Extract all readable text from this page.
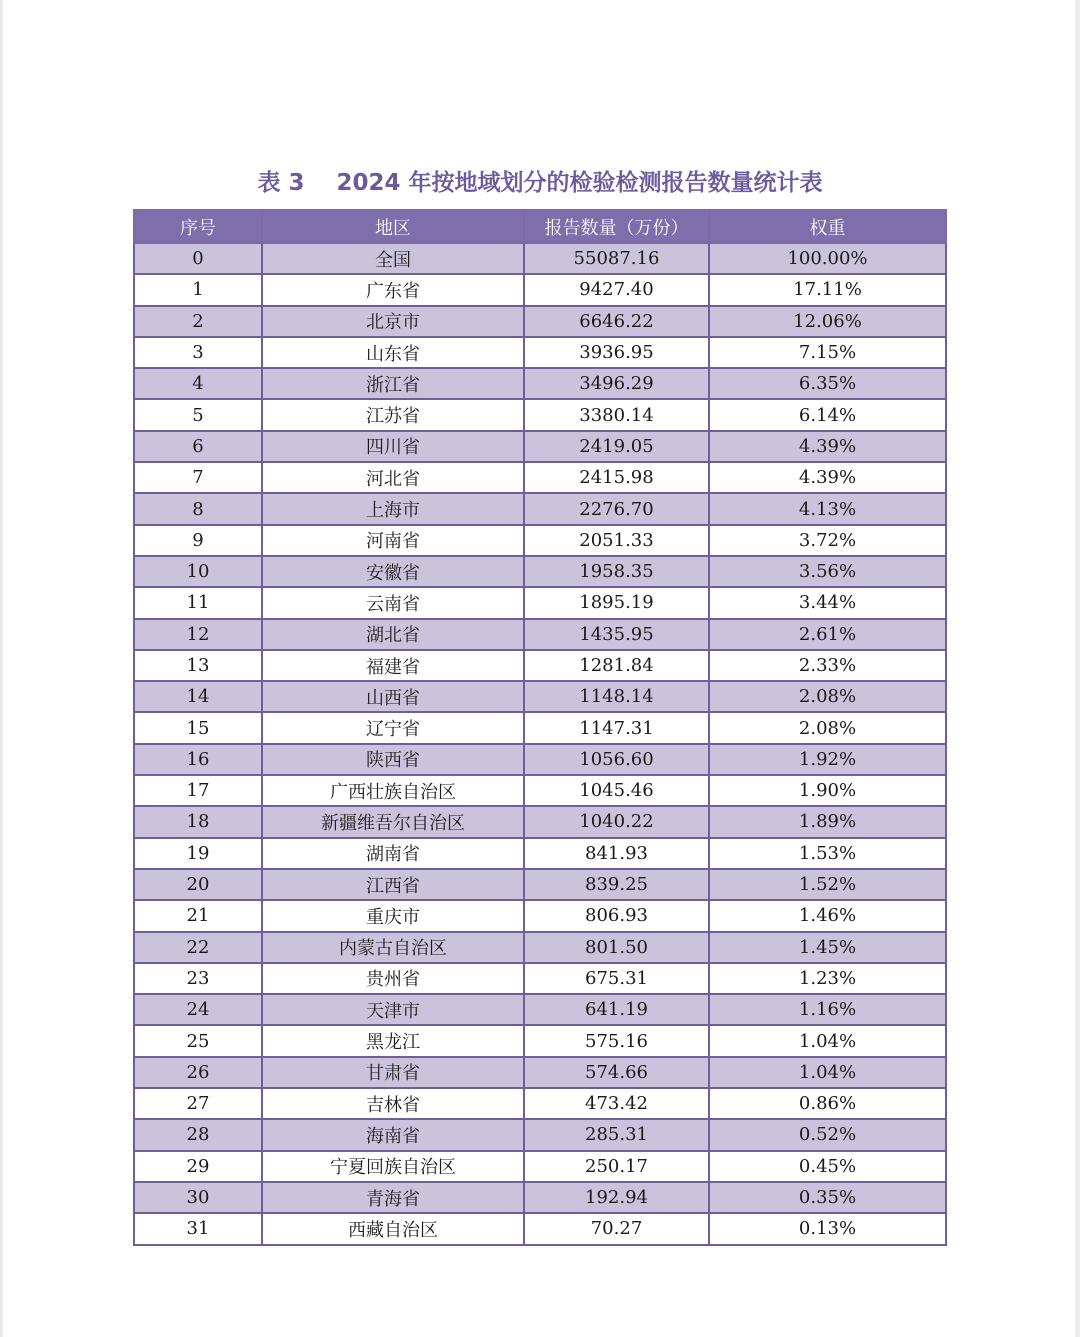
表 3 2024 年按地域划分的检验检测报告数量统计表
序号	地区	报告数量（万份）	权重
0	全国	55087.16	100.00%
1	广东省	9427.40	17.11%
2	北京市	6646.22	12.06%
3	山东省	3936.95	7.15%
4	浙江省	3496.29	6.35%
5	江苏省	3380.14	6.14%
6	四川省	2419.05	4.39%
7	河北省	2415.98	4.39%
8	上海市	2276.70	4.13%
9	河南省	2051.33	3.72%
10	安徽省	1958.35	3.56%
11	云南省	1895.19	3.44%
12	湖北省	1435.95	2.61%
13	福建省	1281.84	2.33%
14	山西省	1148.14	2.08%
15	辽宁省	1147.31	2.08%
16	陕西省	1056.60	1.92%
17	广西壮族自治区	1045.46	1.90%
18	新疆维吾尔自治区	1040.22	1.89%
19	湖南省	841.93	1.53%
20	江西省	839.25	1.52%
21	重庆市	806.93	1.46%
22	内蒙古自治区	801.50	1.45%
23	贵州省	675.31	1.23%
24	天津市	641.19	1.16%
25	黑龙江	575.16	1.04%
26	甘肃省	574.66	1.04%
27	吉林省	473.42	0.86%
28	海南省	285.31	0.52%
29	宁夏回族自治区	250.17	0.45%
30	青海省	192.94	0.35%
31	西藏自治区	70.27	0.13%
